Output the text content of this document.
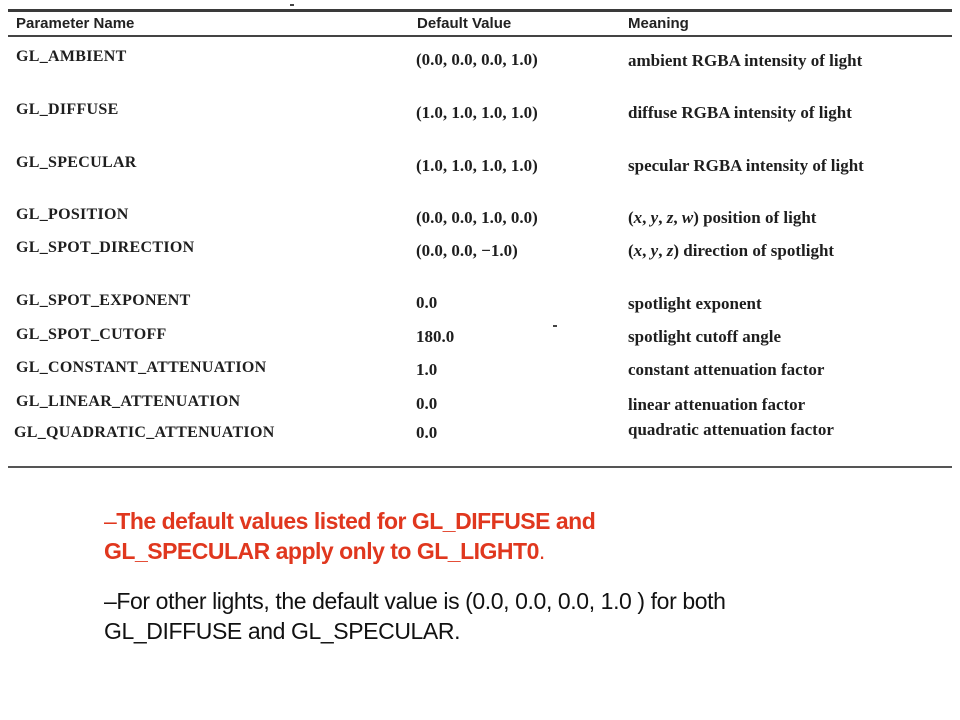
Parameter Name	Default Value	Meaning
GL_AMBIENT	(0.0, 0.0, 0.0, 1.0)	ambient RGBA intensity of light
GL_DIFFUSE	(1.0, 1.0, 1.0, 1.0)	diffuse RGBA intensity of light
GL_SPECULAR	(1.0, 1.0, 1.0, 1.0)	specular RGBA intensity of light
GL_POSITION	(0.0, 0.0, 1.0, 0.0)	(x, y, z, w) position of light
GL_SPOT_DIRECTION	(0.0, 0.0, −1.0)	(x, y, z) direction of spotlight
GL_SPOT_EXPONENT	0.0	spotlight exponent
GL_SPOT_CUTOFF	180.0	spotlight cutoff angle
GL_CONSTANT_ATTENUATION	1.0	constant attenuation factor
GL_LINEAR_ATTENUATION	0.0	linear attenuation factor
GL_QUADRATIC_ATTENUATION	0.0	quadratic attenuation factor
–The default values listed for GL_DIFFUSE and GL_SPECULAR apply only to GL_LIGHT0.
–For other lights, the default value is (0.0, 0.0, 0.0, 1.0 ) for both GL_DIFFUSE and GL_SPECULAR.
